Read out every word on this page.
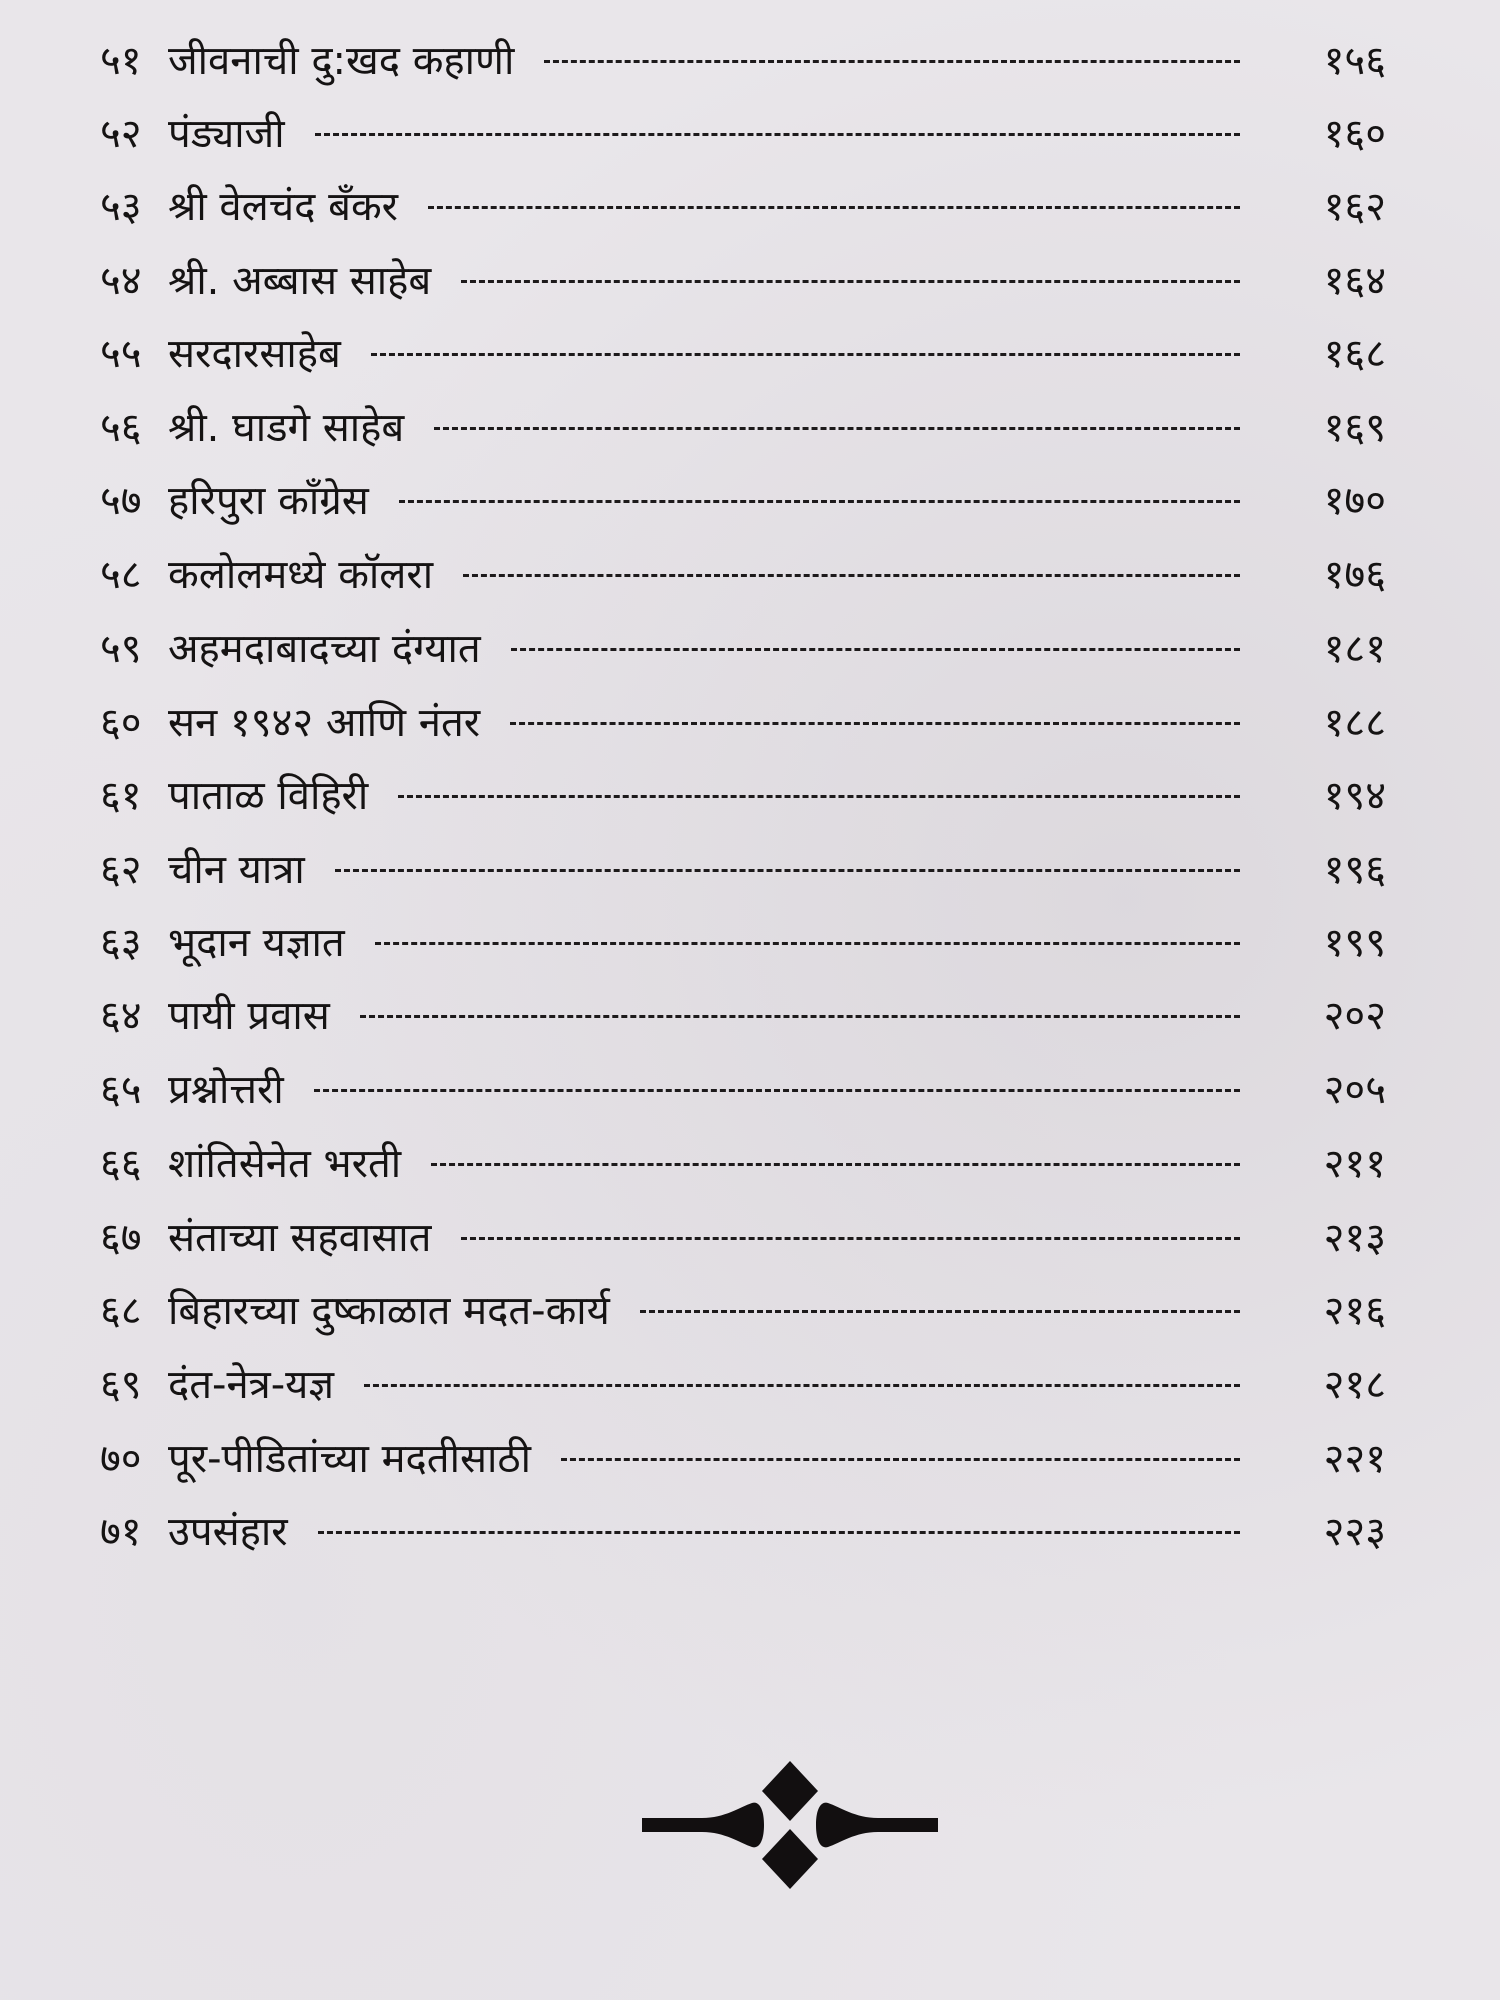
५१ जीवनाची दु:खद कहाणी	१५६
५२ पंड्याजी	१६०
५३ श्री वेलचंद बँकर	१६२
५४ श्री. अब्बास साहेब	१६४
५५ सरदारसाहेब	१६८
५६ श्री. घाडगे साहेब	१६९
५७ हरिपुरा कॉंग्रेस	१७०
५८ कलोलमध्ये कॉलरा	१७६
५९ अहमदाबादच्या दंग्यात	१८१
६० सन १९४२ आणि नंतर	१८८
६१ पाताळ विहिरी	१९४
६२ चीन यात्रा	१९६
६३ भूदान यज्ञात	१९९
६४ पायी प्रवास	२०२
६५ प्रश्नोत्तरी	२०५
६६ शांतिसेनेत भरती	२११
६७ संताच्या सहवासात	२१३
६८ बिहारच्या दुष्काळात मदत-कार्य	२१६
६९ दंत-नेत्र-यज्ञ	२१८
७० पूर-पीडितांच्या मदतीसाठी	२२१
७१ उपसंहार	२२३
